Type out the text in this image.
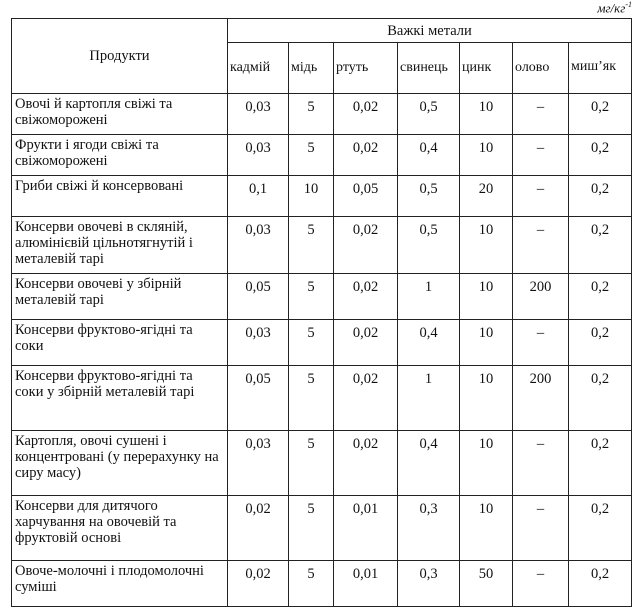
$мг/кг^{-1}$
Продукти	Важкі метали						
	кадмій	мідь	ртуть	свинець	цинк	олово	миш’як
Овочі й картопля свіжі та свіжоморожені	0,03	5	0,02	0,5	10	–	0,2
Фрукти і ягоди свіжі та свіжоморожені	0,03	5	0,02	0,4	10	–	0,2
Гриби свіжі й консервовані	0,1	10	0,05	0,5	20	–	0,2
Консерви овочеві в скляній, алюмінієвій цільнотягнутій і металевій тарі	0,03	5	0,02	0,5	10	–	0,2
Консерви овочеві у збірній металевій тарі	0,05	5	0,02	1	10	200	0,2
Консерви фруктово-ягідні та соки	0,03	5	0,02	0,4	10	–	0,2
Консерви фруктово-ягідні та соки у збірній металевій тарі	0,05	5	0,02	1	10	200	0,2
Картопля, овочі сушені і концентровані (у перерахунку на сиру масу)	0,03	5	0,02	0,4	10	–	0,2
Консерви для дитячого харчування на овочевій та фруктовій основі	0,02	5	0,01	0,3	10	–	0,2
Овоче-молочні і плодомолочні суміші	0,02	5	0,01	0,3	50	–	0,2
